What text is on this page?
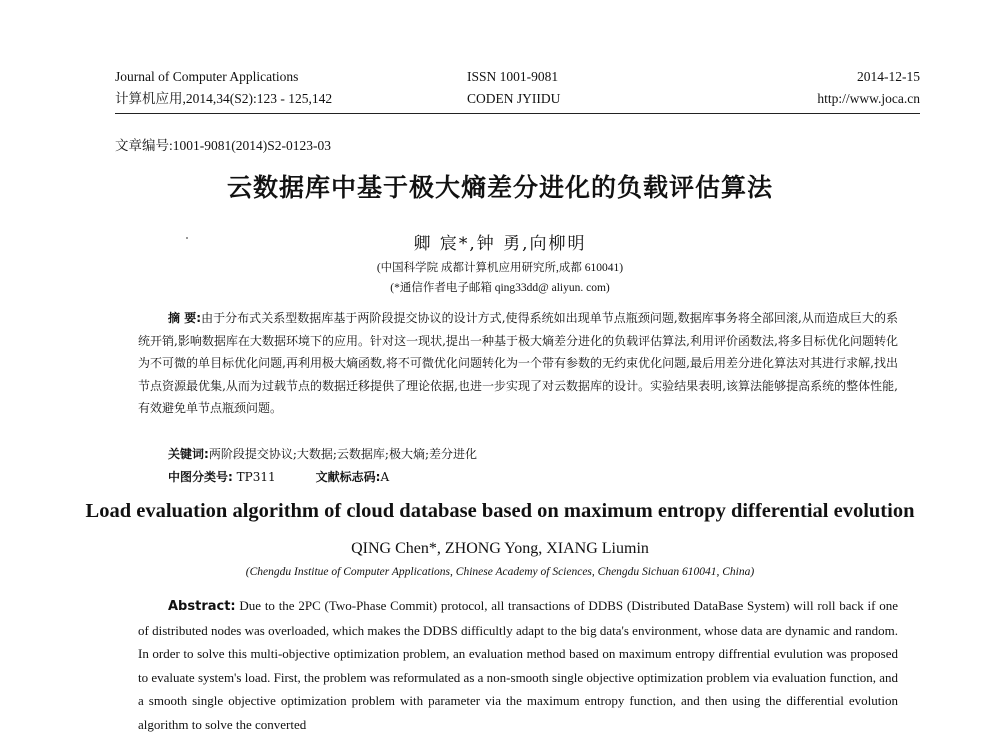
Journal of Computer Applications
计算机应用,2014,34(S2):123 - 125,142
ISSN 1001-9081
CODEN JYIIDU
2014-12-15
http://www.joca.cn
文章编号:1001-9081(2014)S2-0123-03
云数据库中基于极大熵差分进化的负载评估算法
卿 宸*,钟 勇,向柳明
(中国科学院 成都计算机应用研究所,成都 610041)
(*通信作者电子邮箱 qing33dd@ aliyun. com)
摘 要:由于分布式关系型数据库基于两阶段提交协议的设计方式,使得系统如出现单节点瓶颈问题,数据库事务将全部回滚,从而造成巨大的系统开销,影响数据库在大数据环境下的应用。针对这一现状,提出一种基于极大熵差分进化的负载评估算法,利用评价函数法,将多目标优化问题转化为不可微的单目标优化问题,再利用极大熵函数,将不可微优化问题转化为一个带有参数的无约束优化问题,最后用差分进化算法对其进行求解,找出节点资源最优集,从而为过载节点的数据迁移提供了理论依据,也进一步实现了对云数据库的设计。实验结果表明,该算法能够提高系统的整体性能,有效避免单节点瓶颈问题。
关键词:两阶段提交协议;大数据;云数据库;极大熵;差分进化
中图分类号: TP311	文献标志码:A
Load evaluation algorithm of cloud database based on maximum entropy differential evolution
QING Chen*, ZHONG Yong, XIANG Liumin
(Chengdu Institue of Computer Applications, Chinese Academy of Sciences, Chengdu Sichuan 610041, China)
Abstract: Due to the 2PC (Two-Phase Commit) protocol, all transactions of DDBS (Distributed DataBase System) will roll back if one of distributed nodes was overloaded, which makes the DDBS difficultly adapt to the big data's environment, whose data are dynamic and random. In order to solve this multi-objective optimization problem, an evaluation method based on maximum entropy diffrential evulution was proposed to evaluate system's load. First, the problem was reformulated as a non-smooth single objective optimization problem via evaluation function, and a smooth single objective optimization problem with parameter via the maximum entropy function, and then using the differential evolution algorithm to solve the converted
